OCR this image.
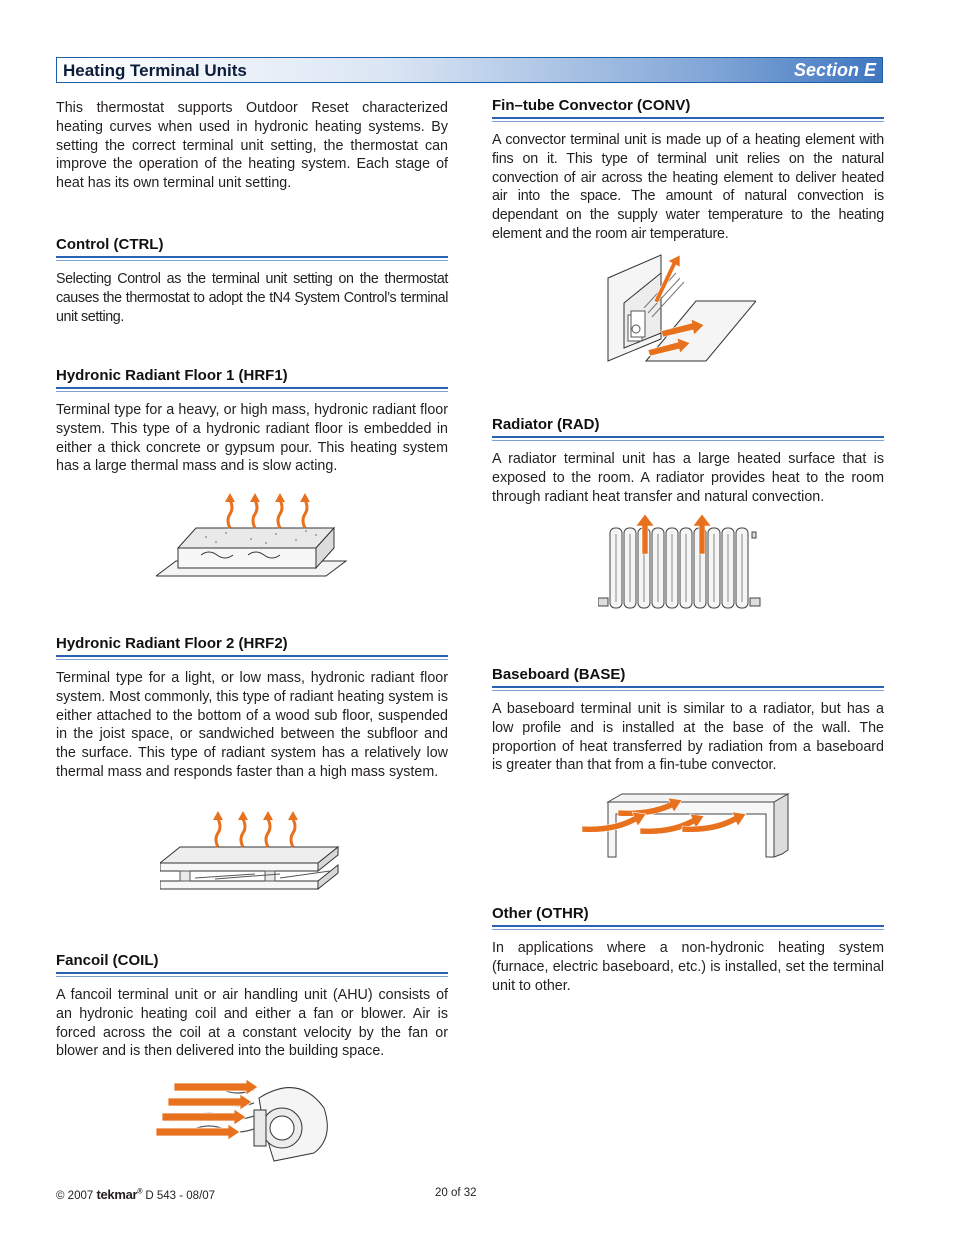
Heating Terminal Units	Section E
This thermostat supports Outdoor Reset characterized heating curves when used in hydronic heating systems. By setting the correct terminal unit setting, the thermostat can improve the operation of the heating system. Each stage of heat has its own terminal unit setting.
Control (CTRL)
Selecting Control as the terminal unit setting on the thermostat causes the thermostat to adopt the tN4 System Control’s terminal unit setting.
Hydronic Radiant Floor 1 (HRF1)
Terminal type for a heavy, or high mass, hydronic radiant floor system. This type of a hydronic radiant floor is embedded in either a thick concrete or gypsum pour. This heating system has a large thermal mass and is slow acting.
Hydronic Radiant Floor 2 (HRF2)
Terminal type for a light, or low mass, hydronic radiant floor system. Most commonly, this type of radiant heating system is either attached to the bottom of a wood sub floor, suspended in the joist space, or sandwiched between the subfloor and the surface. This type of radiant system has a relatively low thermal mass and responds faster than a high mass system.
Fancoil (COIL)
A fancoil terminal unit or air handling unit (AHU) consists of an hydronic heating coil and either a fan or blower. Air is forced across the coil at a constant velocity by the fan or blower and is then delivered into the building space.
Fin–tube Convector (CONV)
A convector terminal unit is made up of a heating element with fins on it. This type of terminal unit relies on the natural convection of air across the heating element to deliver heated air into the space. The amount of natural convection is dependant on the supply water temperature to the heating element and the room air temperature.
Radiator (RAD)
A radiator terminal unit has a large heated surface that is exposed to the room. A radiator provides heat to the room through radiant heat transfer and natural convection.
Baseboard (BASE)
A baseboard terminal unit is similar to a radiator, but has a low profile and is installed at the base of the wall. The proportion of heat transferred by radiation from a baseboard is greater than that from a fin-tube convector.
Other (OTHR)
In applications where a non-hydronic heating system (furnace, electric baseboard, etc.) is installed, set the terminal unit to other.
© 2007 tekmar® D 543 - 08/07	20 of 32
